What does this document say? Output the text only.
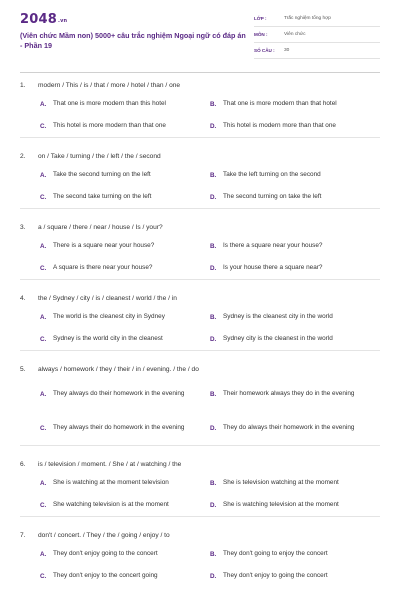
2048.vn
(Viên chức Mầm non) 5000+ câu trắc nghiệm Ngoại ngữ có đáp án - Phần 19
LỚP :	Trắc nghiệm tổng hợp
MÔN :	Viên chức
SỐ CÂU : 30
1. modern / This / is / that / more / hotel / than / one
A.	That one is more modern than this hotel	B.	That one is more modern than that hotel
C.	This hotel is more modern than that one	D.	This hotel is modern more than that one
2. on / Take / turning / the / left / the / second
A.	Take the second turning on the left	B.	Take the left turning on the second
C.	The second take turning on the left	D.	The second turning on take the left
3. a / square / there / near / house / Is / your?
A.	There is a square near your house?	B.	Is there a square near your house?
C.	A square is there near your house?	D.	Is your house there a square near?
4. the / Sydney / city / is / cleanest / world / the / in
A.	The world is the cleanest city in Sydney	B.	Sydney is the cleanest city in the world
C.	Sydney is the world city in the cleanest	D.	Sydney city is the cleanest in the world
5. always / homework / they / their / in / evening. / the / do
A.	They always do their homework in the evening	B.	Their homework always they do in the evening
C.	They always their do homework in the evening	D.	They do always their homework in the evening
6. is / television / moment. / She / at / watching / the
A.	She is watching at the moment television	B.	She is television watching at the moment
C.	She watching television is at the moment	D.	She is watching television at the moment
7. don't / concert. / They / the / going / enjoy / to
A.	They don't enjoy going to the concert	B.	They don't going to enjoy the concert
C.	They don't enjoy to the concert going	D.	They don't enjoy to going the concert
